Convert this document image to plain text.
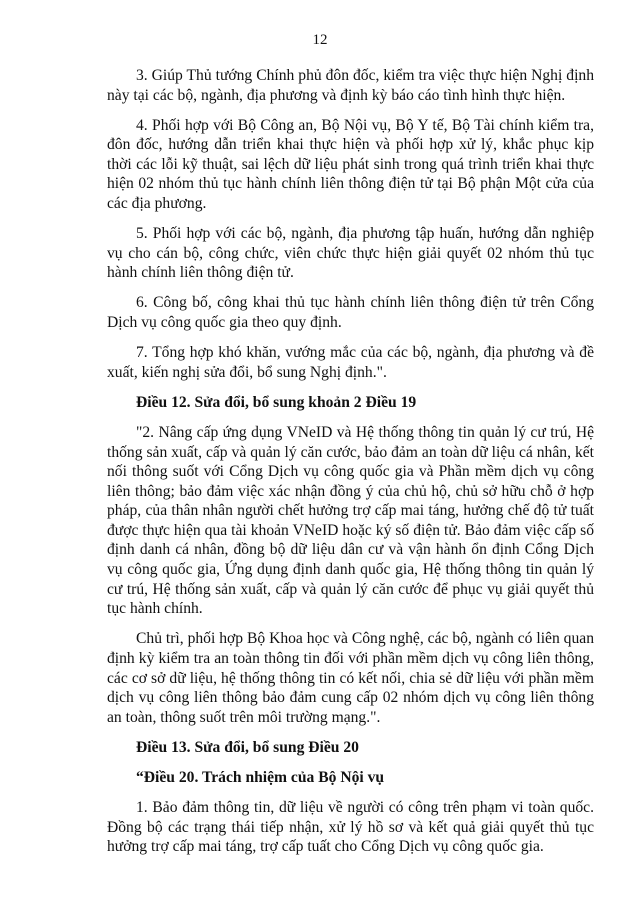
12

3. Giúp Thủ tướng Chính phủ đôn đốc, kiểm tra việc thực hiện Nghị định này tại các bộ, ngành, địa phương và định kỳ báo cáo tình hình thực hiện.

4. Phối hợp với Bộ Công an, Bộ Nội vụ, Bộ Y tế, Bộ Tài chính kiểm tra, đôn đốc, hướng dẫn triển khai thực hiện và phối hợp xử lý, khắc phục kịp thời các lỗi kỹ thuật, sai lệch dữ liệu phát sinh trong quá trình triển khai thực hiện 02 nhóm thủ tục hành chính liên thông điện tử tại Bộ phận Một cửa của các địa phương.

5. Phối hợp với các bộ, ngành, địa phương tập huấn, hướng dẫn nghiệp vụ cho cán bộ, công chức, viên chức thực hiện giải quyết 02 nhóm thủ tục hành chính liên thông điện tử.

6. Công bố, công khai thủ tục hành chính liên thông điện tử trên Cổng Dịch vụ công quốc gia theo quy định.

7. Tổng hợp khó khăn, vướng mắc của các bộ, ngành, địa phương và đề xuất, kiến nghị sửa đổi, bổ sung Nghị định.".

Điều 12. Sửa đổi, bổ sung khoản 2 Điều 19

"2. Nâng cấp ứng dụng VNeID và Hệ thống thông tin quản lý cư trú, Hệ thống sản xuất, cấp và quản lý căn cước, bảo đảm an toàn dữ liệu cá nhân, kết nối thông suốt với Cổng Dịch vụ công quốc gia và Phần mềm dịch vụ công liên thông; bảo đảm việc xác nhận đồng ý của chủ hộ, chủ sở hữu chỗ ở hợp pháp, của thân nhân người chết hưởng trợ cấp mai táng, hưởng chế độ tử tuất được thực hiện qua tài khoản VNeID hoặc ký số điện tử. Bảo đảm việc cấp số định danh cá nhân, đồng bộ dữ liệu dân cư và vận hành ổn định Cổng Dịch vụ công quốc gia, Ứng dụng định danh quốc gia, Hệ thống thông tin quản lý cư trú, Hệ thống sản xuất, cấp và quản lý căn cước để phục vụ giải quyết thủ tục hành chính.

Chủ trì, phối hợp Bộ Khoa học và Công nghệ, các bộ, ngành có liên quan định kỳ kiểm tra an toàn thông tin đối với phần mềm dịch vụ công liên thông, các cơ sở dữ liệu, hệ thống thông tin có kết nối, chia sẻ dữ liệu với phần mềm dịch vụ công liên thông bảo đảm cung cấp 02 nhóm dịch vụ công liên thông an toàn, thông suốt trên môi trường mạng.".

Điều 13. Sửa đổi, bổ sung Điều 20

“Điều 20. Trách nhiệm của Bộ Nội vụ

1. Bảo đảm thông tin, dữ liệu về người có công trên phạm vi toàn quốc. Đồng bộ các trạng thái tiếp nhận, xử lý hồ sơ và kết quả giải quyết thủ tục hưởng trợ cấp mai táng, trợ cấp tuất cho Cổng Dịch vụ công quốc gia.
